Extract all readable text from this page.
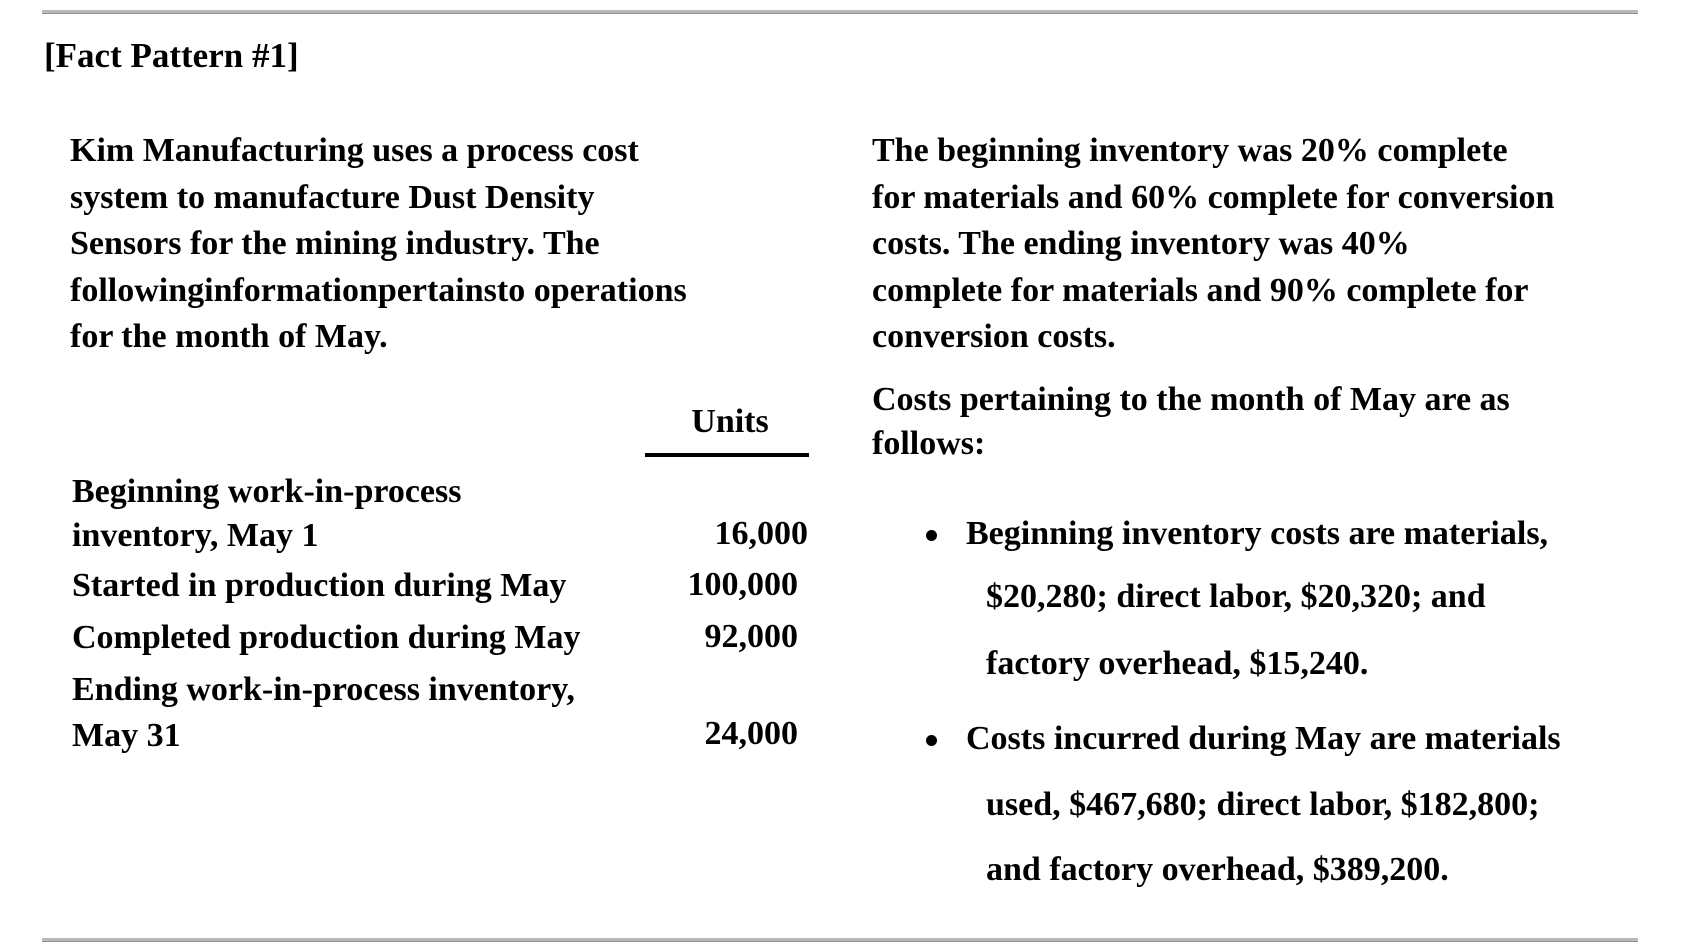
[Fact Pattern #1]
Kim Manufacturing uses a process cost
system to manufacture Dust Density
Sensors for the mining industry. The
followinginformationpertainsto operations
for the month of May.
Units
Beginning work-in-process
inventory, May 1	16,000
Started in production during May	100,000
Completed production during May	92,000
Ending work-in-process inventory,
May 31	24,000
The beginning inventory was 20% complete
for materials and 60% complete for conversion
costs. The ending inventory was 40%
complete for materials and 90% complete for
conversion costs.
Costs pertaining to the month of May are as
follows:
Beginning inventory costs are materials,
$20,280; direct labor, $20,320; and
factory overhead, $15,240.
Costs incurred during May are materials
used, $467,680; direct labor, $182,800;
and factory overhead, $389,200.
